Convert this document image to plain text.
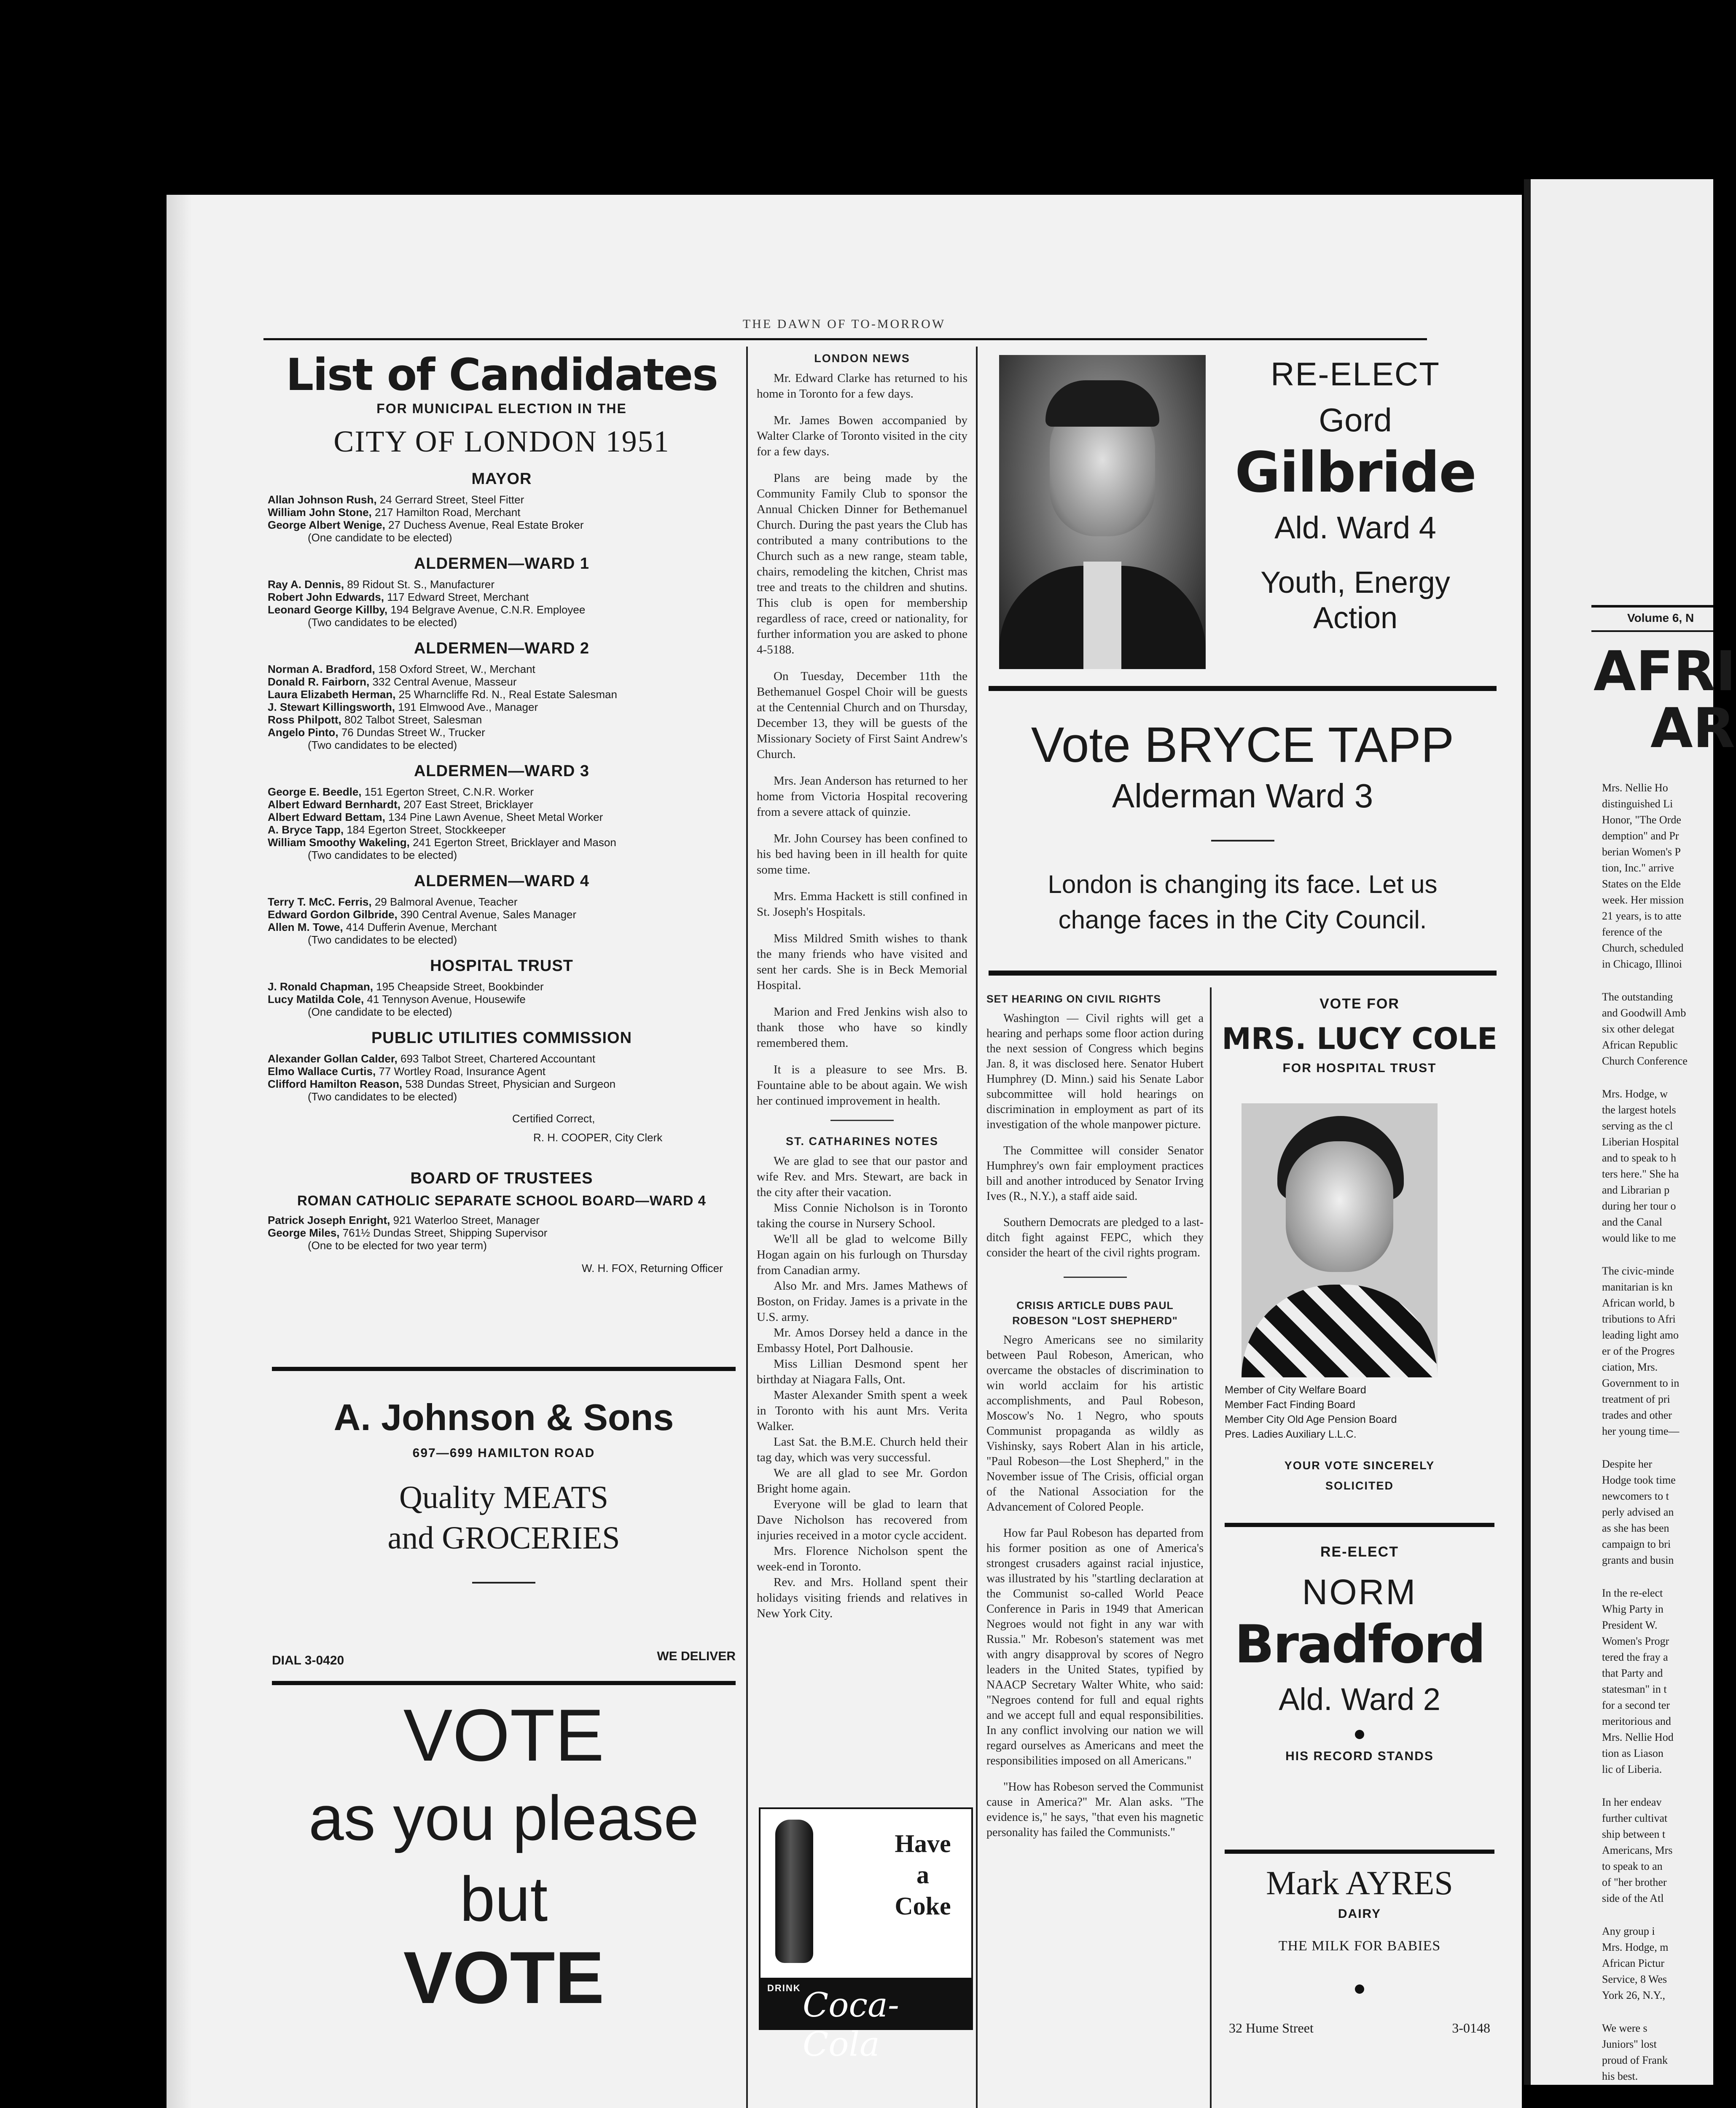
THE DAWN OF TO-MORROW
List of Candidates
FOR MUNICIPAL ELECTION IN THE
CITY OF LONDON 1951
MAYOR
Allan Johnson Rush, 24 Gerrard Street, Steel Fitter
William John Stone, 217 Hamilton Road, Merchant
George Albert Wenige, 27 Duchess Avenue, Real Estate Broker
(One candidate to be elected)
ALDERMEN—WARD 1
Ray A. Dennis, 89 Ridout St. S., Manufacturer
Robert John Edwards, 117 Edward Street, Merchant
Leonard George Killby, 194 Belgrave Avenue, C.N.R. Employee
(Two candidates to be elected)
ALDERMEN—WARD 2
Norman A. Bradford, 158 Oxford Street, W., Merchant
Donald R. Fairborn, 332 Central Avenue, Masseur
Laura Elizabeth Herman, 25 Wharncliffe Rd. N., Real Estate Salesman
J. Stewart Killingsworth, 191 Elmwood Ave., Manager
Ross Philpott, 802 Talbot Street, Salesman
Angelo Pinto, 76 Dundas Street W., Trucker
(Two candidates to be elected)
ALDERMEN—WARD 3
George E. Beedle, 151 Egerton Street, C.N.R. Worker
Albert Edward Bernhardt, 207 East Street, Bricklayer
Albert Edward Bettam, 134 Pine Lawn Avenue, Sheet Metal Worker
A. Bryce Tapp, 184 Egerton Street, Stockkeeper
William Smoothy Wakeling, 241 Egerton Street, Bricklayer and Mason
(Two candidates to be elected)
ALDERMEN—WARD 4
Terry T. McC. Ferris, 29 Balmoral Avenue, Teacher
Edward Gordon Gilbride, 390 Central Avenue, Sales Manager
Allen M. Towe, 414 Dufferin Avenue, Merchant
(Two candidates to be elected)
HOSPITAL TRUST
J. Ronald Chapman, 195 Cheapside Street, Bookbinder
Lucy Matilda Cole, 41 Tennyson Avenue, Housewife
(One candidate to be elected)
PUBLIC UTILITIES COMMISSION
Alexander Gollan Calder, 693 Talbot Street, Chartered Accountant
Elmo Wallace Curtis, 77 Wortley Road, Insurance Agent
Clifford Hamilton Reason, 538 Dundas Street, Physician and Surgeon
(Two candidates to be elected)
Certified Correct,
R. H. COOPER, City Clerk
BOARD OF TRUSTEES
ROMAN CATHOLIC SEPARATE SCHOOL BOARD—WARD 4
Patrick Joseph Enright, 921 Waterloo Street, Manager
George Miles, 761½ Dundas Street, Shipping Supervisor
(One to be elected for two year term)
W. H. FOX, Returning Officer
A. Johnson & Sons
697—699 HAMILTON ROAD
Quality MEATS
and GROCERIES
DIAL 3-0420	WE DELIVER
VOTE
as you please
but
VOTE
LONDON NEWS

Mr. Edward Clarke has returned to his home in Toronto for a few days.

Mr. James Bowen accompanied by Walter Clarke of Toronto visited in the city for a few days.

Plans are being made by the Community Family Club to sponsor the Annual Chicken Dinner for Bethemanuel Church. During the past years the Club has contributed a many contributions to the Church such as a new range, steam table, chairs, remodeling the kitchen, Christ mas tree and treats to the children and shutins. This club is open for membership regardless of race, creed or nationality, for further information you are asked to phone 4-5188.

On Tuesday, December 11th the Bethemanuel Gospel Choir will be guests at the Centennial Church and on Thursday, December 13, they will be guests of the Missionary Society of First Saint Andrew's Church.

Mrs. Jean Anderson has returned to her home from Victoria Hospital recovering from a severe attack of quinzie.

Mr. John Coursey has been confined to his bed having been in ill health for quite some time.

Mrs. Emma Hackett is still confined in St. Joseph's Hospitals.

Miss Mildred Smith wishes to thank the many friends who have visited and sent her cards. She is in Beck Memorial Hospital.

Marion and Fred Jenkins wish also to thank those who have so kindly remembered them.

It is a pleasure to see Mrs. B. Fountaine able to be about again. We wish her continued improvement in health.

ST. CATHARINES NOTES

We are glad to see that our pastor and wife Rev. and Mrs. Stewart, are back in the city after their vacation.

Miss Connie Nicholson is in Toronto taking the course in Nursery School.

We'll all be glad to welcome Billy Hogan again on his furlough on Thursday from Canadian army.

Also Mr. and Mrs. James Mathews of Boston, on Friday. James is a private in the U.S. army.

Mr. Amos Dorsey held a dance in the Embassy Hotel, Port Dalhousie.

Miss Lillian Desmond spent her birthday at Niagara Falls, Ont.

Master Alexander Smith spent a week in Toronto with his aunt Mrs. Verita Walker.

Last Sat. the B.M.E. Church held their tag day, which was very successful.

We are all glad to see Mr. Gordon Bright home again.

Everyone will be glad to learn that Dave Nicholson has recovered from injuries received in a motor cycle accident.

Mrs. Florence Nicholson spent the week-end in Toronto.

Rev. and Mrs. Holland spent their holidays visiting friends and relatives in New York City.

Have
a
Coke
DRINK Coca-Cola
RE-ELECT
Gord
Gilbride
Ald. Ward 4
Youth, Energy
Action
Vote BRYCE TAPP
Alderman Ward 3
London is changing its face. Let us
change faces in the City Council.
SET HEARING ON CIVIL RIGHTS

Washington — Civil rights will get a hearing and perhaps some floor action during the next session of Congress which begins Jan. 8, it was disclosed here. Senator Hubert Humphrey (D. Minn.) said his Senate Labor subcommittee will hold hearings on discrimination in employment as part of its investigation of the whole manpower picture.

The Committee will consider Senator Humphrey's own fair employment practices bill and another introduced by Senator Irving Ives (R., N.Y.), a staff aide said.

Southern Democrats are pledged to a last-ditch fight against FEPC, which they consider the heart of the civil rights program.

CRISIS ARTICLE DUBS PAUL
ROBESON "LOST SHEPHERD"

Negro Americans see no similarity between Paul Robeson, American, who overcame the obstacles of discrimination to win world acclaim for his artistic accomplishments, and Paul Robeson, Moscow's No. 1 Negro, who spouts Communist propaganda as wildly as Vishinsky, says Robert Alan in his article, "Paul Robeson—the Lost Shepherd," in the November issue of The Crisis, official organ of the National Association for the Advancement of Colored People.

How far Paul Robeson has departed from his former position as one of America's strongest crusaders against racial injustice, was illustrated by his "startling declaration at the Communist so-called World Peace Conference in Paris in 1949 that American Negroes would not fight in any war with Russia." Mr. Robeson's statement was met with angry disapproval by scores of Negro leaders in the United States, typified by NAACP Secretary Walter White, who said: "Negroes contend for full and equal rights and we accept full and equal responsibilities. In any conflict involving our nation we will regard ourselves as Americans and meet the responsibilities imposed on all Americans."

"How has Robeson served the Communist cause in America?" Mr. Alan asks. "The evidence is," he says, "that even his magnetic personality has failed the Communists."

VOTE FOR
MRS. LUCY COLE
FOR HOSPITAL TRUST
Member of City Welfare Board
Member Fact Finding Board
Member City Old Age Pension Board
Pres. Ladies Auxiliary L.L.C.
YOUR VOTE SINCERELY
SOLICITED
RE-ELECT
NORM
Bradford
Ald. Ward 2
HIS RECORD STANDS
Mark AYRES
DAIRY
THE MILK FOR BABIES
32 Hume Street	3-0148
Volume 6, N
AFRI
AR
Mrs. Nellie Ho
distinguished Li
Honor, "The Orde
demption" and Pr
berian Women's P
tion, Inc." arrive
States on the Elde
week. Her mission
21 years, is to atte
ference of the
Church, scheduled
in Chicago, Illinoi
The outstanding
and Goodwill Amb
six other delegat
African Republic
Church Conference
Mrs. Hodge, w
the largest hotels
serving as the cl
Liberian Hospital
and to speak to h
ters here." She ha
and Librarian p
during her tour o
and the Canal
would like to me
The civic-minde
manitarian is kn
African world, b
tributions to Afri
leading light amo
er of the Progres
ciation, Mrs.
Government to in
treatment of pri
trades and other
her young time—
Despite her
Hodge took time
newcomers to t
perly advised an
as she has been
campaign to bri
grants and busin
In the re-elect
Whig Party in
President W.
Women's Progr
tered the fray a
that Party and
statesman" in t
for a second ter
meritorious and
Mrs. Nellie Hod
tion as Liason
lic of Liberia.
In her endeav
further cultivat
ship between t
Americans, Mrs
to speak to an
of "her brother
side of the Atl
Any group i
Mrs. Hodge, m
African Pictur
Service, 8 Wes
York 26, N.Y.,
We were s
Juniors" lost
proud of Frank
his best.
